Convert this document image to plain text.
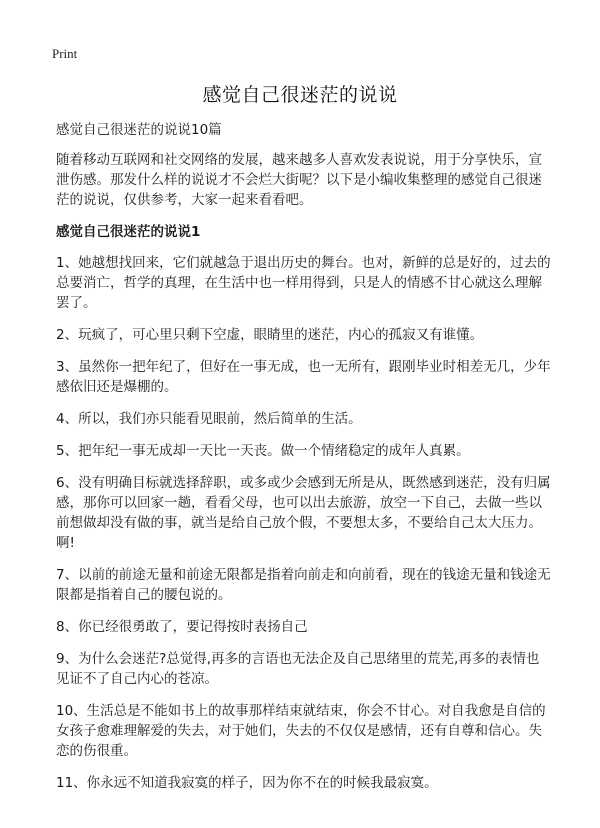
Print
感觉自己很迷茫的说说

感觉自己很迷茫的说说10篇

随着移动互联网和社交网络的发展，越来越多人喜欢发表说说，用于分享快乐，宣泄伤感。那发什么样的说说才不会烂大街呢？以下是小编收集整理的感觉自己很迷茫的说说，仅供参考，大家一起来看看吧。

感觉自己很迷茫的说说1

1、她越想找回来，它们就越急于退出历史的舞台。也对，新鲜的总是好的，过去的总要消亡，哲学的真理，在生活中也一样用得到，只是人的情感不甘心就这么理解罢了。

2、玩疯了，可心里只剩下空虚，眼睛里的迷茫，内心的孤寂又有谁懂。

3、虽然你一把年纪了，但好在一事无成，也一无所有，跟刚毕业时相差无几，少年感依旧还是爆棚的。

4、所以，我们亦只能看见眼前，然后简单的生活。

5、把年纪一事无成却一天比一天丧。做一个情绪稳定的成年人真累。

6、没有明确目标就选择辞职，或多或少会感到无所是从，既然感到迷茫，没有归属感，那你可以回家一趟，看看父母，也可以出去旅游，放空一下自己，去做一些以前想做却没有做的事，就当是给自己放个假，不要想太多，不要给自己太大压力。啊!

7、以前的前途无量和前途无限都是指着向前走和向前看，现在的钱途无量和钱途无限都是指着自己的腰包说的。

8、你已经很勇敢了，要记得按时表扬自己

9、为什么会迷茫?总觉得,再多的言语也无法企及自己思绪里的荒芜,再多的表情也见证不了自己内心的苍凉。

10、生活总是不能如书上的故事那样结束就结束，你会不甘心。对自我愈是自信的女孩子愈难理解爱的失去，对于她们，失去的不仅仅是感情，还有自尊和信心。失恋的伤很重。

11、你永远不知道我寂寞的样子，因为你不在的时候我最寂寞。
